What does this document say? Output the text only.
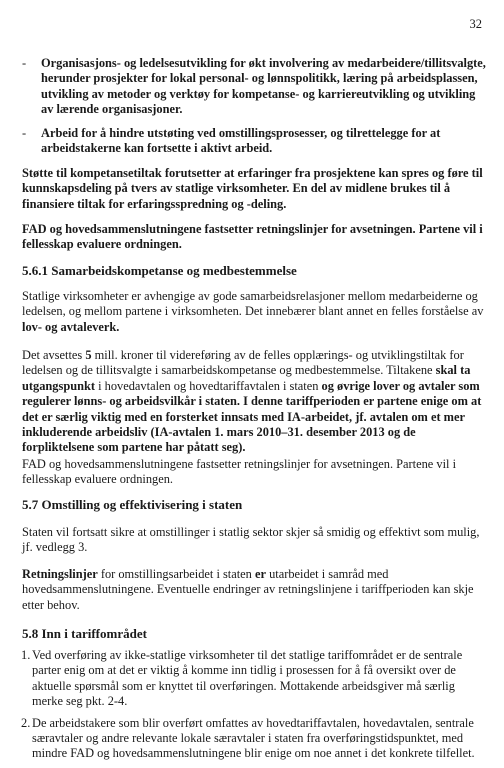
32
- Organisasjons- og ledelsesutvikling for økt involvering av medarbeidere/tillitsvalgte, herunder prosjekter for lokal personal- og lønnspolitikk, læring på arbeidsplassen, utvikling av metoder og verktøy for kompetanse- og karriereutvikling og utvikling av lærende organisasjoner.

- Arbeid for å hindre utstøting ved omstillingsprosesser, og tilrettelegge for at arbeidstakerne kan fortsette i aktivt arbeid.

Støtte til kompetansetiltak forutsetter at erfaringer fra prosjektene kan spres og føre til kunnskapsdeling på tvers av statlige virksomheter. En del av midlene brukes til å finansiere tiltak for erfaringsspredning og -deling.

FAD og hovedsammenslutningene fastsetter retningslinjer for avsetningen. Partene vil i fellesskap evaluere ordningen.

5.6.1 Samarbeidskompetanse og medbestemmelse

Statlige virksomheter er avhengige av gode samarbeidsrelasjoner mellom medarbeiderne og ledelsen, og mellom partene i virksomheten. Det innebærer blant annet en felles forståelse av lov- og avtaleverk.

Det avsettes 5 mill. kroner til videreføring av de felles opplærings- og utviklingstiltak for ledelsen og de tillitsvalgte i samarbeidskompetanse og medbestemmelse. Tiltakene skal ta utgangspunkt i hovedavtalen og hovedtariffavtalen i staten og øvrige lover og avtaler som regulerer lønns- og arbeidsvilkår i staten. I denne tariffperioden er partene enige om at det er særlig viktig med en forsterket innsats med IA-arbeidet, jf. avtalen om et mer inkluderende arbeidsliv (IA-avtalen 1. mars 2010–31. desember 2013 og de forpliktelsene som partene har påtatt seg).

FAD og hovedsammenslutningene fastsetter retningslinjer for avsetningen. Partene vil i fellesskap evaluere ordningen.

5.7 Omstilling og effektivisering i staten

Staten vil fortsatt sikre at omstillinger i statlig sektor skjer så smidig og effektivt som mulig, jf. vedlegg 3.

Retningslinjer for omstillingsarbeidet i staten er utarbeidet i samråd med hovedsammenslutningene. Eventuelle endringer av retningslinjene i tariffperioden kan skje etter behov.

5.8 Inn i tariffområdet

1. Ved overføring av ikke-statlige virksomheter til det statlige tariffområdet er de sentrale parter enig om at det er viktig å komme inn tidlig i prosessen for å få oversikt over de aktuelle spørsmål som er knyttet til overføringen. Mottakende arbeidsgiver må særlig merke seg pkt. 2-4.
2. De arbeidstakere som blir overført omfattes av hovedtariffavtalen, hovedavtalen, sentrale særavtaler og andre relevante lokale særavtaler i staten fra overføringstidspunktet, med mindre FAD og hovedsammenslutningene blir enige om noe annet i det konkrete tilfellet.
